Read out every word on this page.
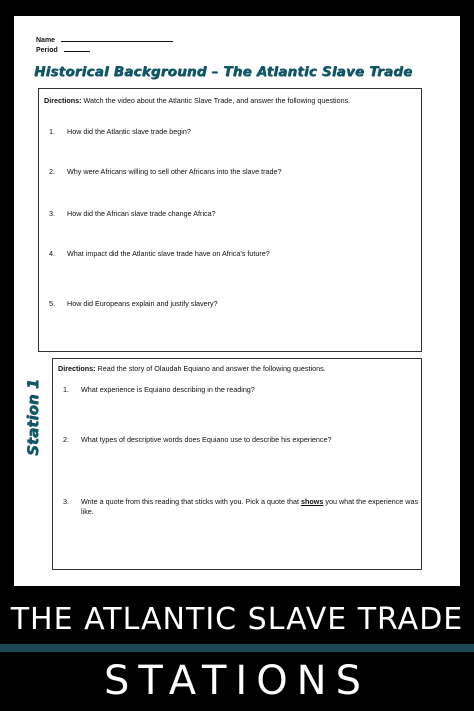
Name
Period
Historical Background – The Atlantic Slave Trade
Directions: Watch the video about the Atlantic Slave Trade, and answer the following questions.
1. How did the Atlantic slave trade begin?
2. Why were Africans willing to sell other Africans into the slave trade?
3. How did the African slave trade change Africa?
4. What impact did the Atlantic slave trade have on Africa's future?
5. How did Europeans explain and justify slavery?
Station 1
Directions: Read the story of Olaudah Equiano and answer the following questions.
1. What experience is Equiano describing in the reading?
2. What types of descriptive words does Equiano use to describe his experience?
3. Write a quote from this reading that sticks with you. Pick a quote that shows you what the experience was like.
THE ATLANTIC SLAVE TRADE
STATIONS
